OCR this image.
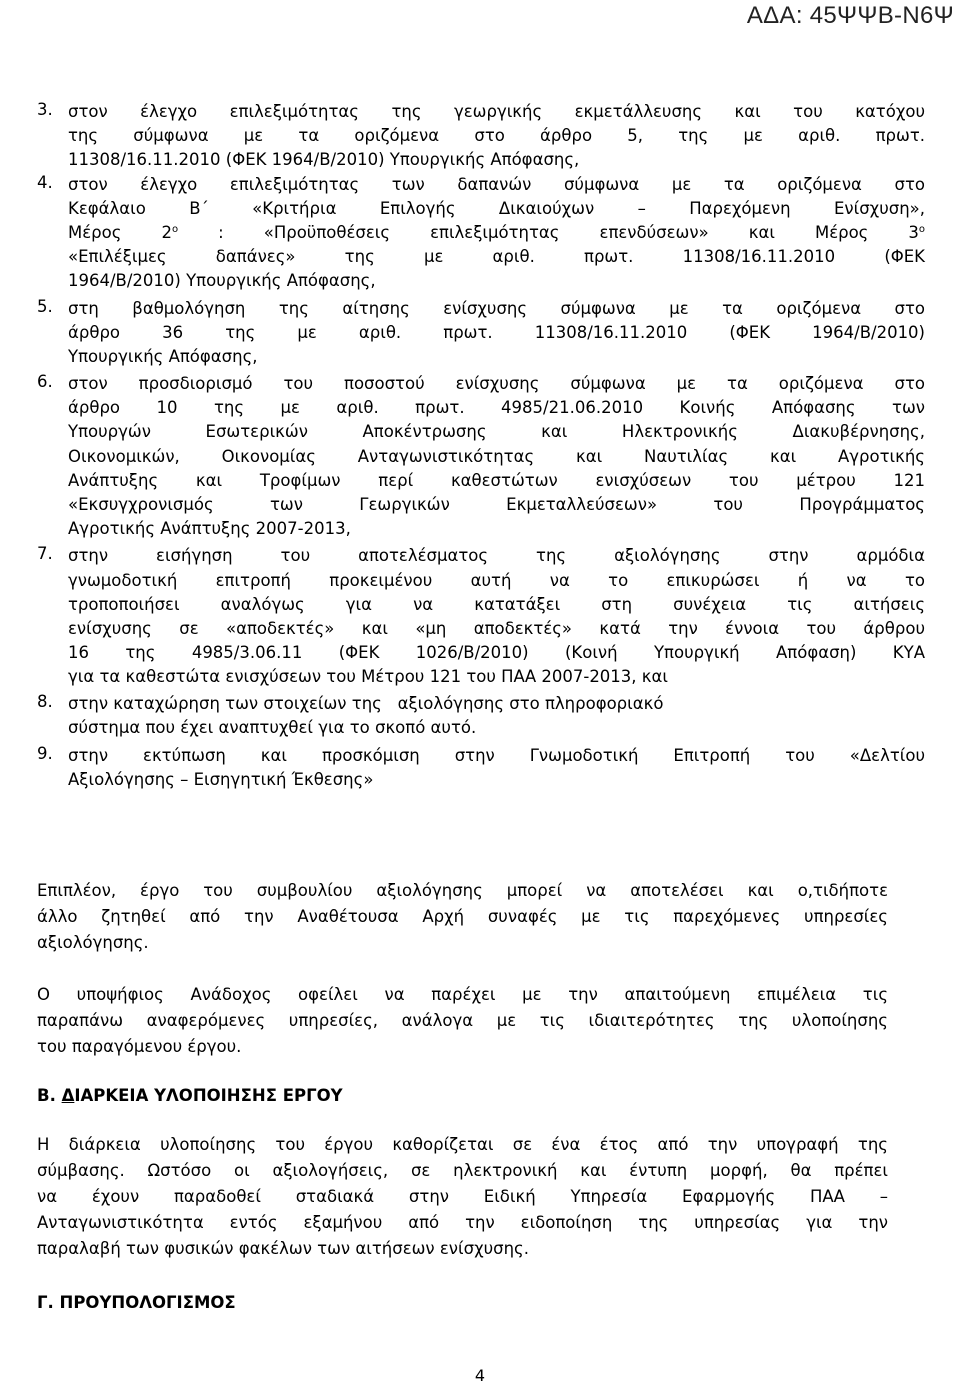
ΑΔΑ: 45ΨΨΒ-Ν6Ψ
3. στον έλεγχο επιλεξιμότητας της γεωργικής εκμετάλλευσης και του κατόχου
της σύμφωνα με τα οριζόμενα στο άρθρο 5, της με αριθ. πρωτ.
11308/16.11.2010 (ΦΕΚ 1964/Β/2010) Υπουργικής Απόφασης,
4. στον έλεγχο επιλεξιμότητας των δαπανών σύμφωνα με τα οριζόμενα στο
Κεφάλαιο Β΄ «Κριτήρια Επιλογής Δικαιούχων – Παρεχόμενη Ενίσχυση»,
Μέρος $2^o$ : «Προϋποθέσεις επιλεξιμότητας επενδύσεων» και Μέρος $3^o$
«Επιλέξιμες δαπάνες» της με αριθ. πρωτ. 11308/16.11.2010 (ΦΕΚ
1964/Β/2010) Υπουργικής Απόφασης,
5. στη βαθμολόγηση της αίτησης ενίσχυσης σύμφωνα με τα οριζόμενα στο
άρθρο 36 της με αριθ. πρωτ. 11308/16.11.2010 (ΦΕΚ 1964/Β/2010)
Υπουργικής Απόφασης,
6. στον προσδιορισμό του ποσοστού ενίσχυσης σύμφωνα με τα οριζόμενα στο
άρθρο 10 της με αριθ. πρωτ. 4985/21.06.2010 Κοινής Απόφασης των
Υπουργών Εσωτερικών Αποκέντρωσης και Ηλεκτρονικής Διακυβέρνησης,
Οικονομικών, Οικονομίας Ανταγωνιστικότητας και Ναυτιλίας και Αγροτικής
Ανάπτυξης και Τροφίμων περί καθεστώτων ενισχύσεων του μέτρου 121
«Εκσυγχρονισμός των Γεωργικών Εκμεταλλεύσεων» του Προγράμματος
Αγροτικής Ανάπτυξης 2007-2013,
7. στην εισήγηση του αποτελέσματος της αξιολόγησης στην αρμόδια
γνωμοδοτική επιτροπή προκειμένου αυτή να το επικυρώσει ή να το
τροποποιήσει αναλόγως για να κατατάξει στη συνέχεια τις αιτήσεις
ενίσχυσης σε «αποδεκτές» και «μη αποδεκτές» κατά την έννοια του άρθρου
16 της 4985/3.06.11 (ΦΕΚ 1026/Β/2010) (Κοινή Υπουργική Απόφαση) ΚΥΑ
για τα καθεστώτα ενισχύσεων του Μέτρου 121 του ΠΑΑ 2007-2013, και
8. στην καταχώρηση των στοιχείων της   αξιολόγησης στο πληροφοριακό
σύστημα που έχει αναπτυχθεί για το σκοπό αυτό.
9. στην εκτύπωση και προσκόμιση στην Γνωμοδοτική Επιτροπή του «Δελτίου
Αξιολόγησης – Εισηγητική Έκθεσης»
Επιπλέον, έργο του συμβουλίου αξιολόγησης μπορεί να αποτελέσει και ο,τιδήποτε
άλλο ζητηθεί από την Αναθέτουσα Αρχή συναφές με τις παρεχόμενες υπηρεσίες
αξιολόγησης.
Ο υποψήφιος Ανάδοχος οφείλει να παρέχει με την απαιτούμενη επιμέλεια τις
παραπάνω αναφερόμενες υπηρεσίες, ανάλογα με τις ιδιαιτερότητες της υλοποίησης
του παραγόμενου έργου.
Β. ΔΙΑΡΚΕΙΑ ΥΛΟΠΟΙΗΣΗΣ ΕΡΓΟΥ
Η διάρκεια υλοποίησης του έργου καθορίζεται σε ένα έτος από την υπογραφή της
σύμβασης. Ωστόσο οι αξιολογήσεις, σε ηλεκτρονική και έντυπη μορφή, θα πρέπει
να έχουν παραδοθεί σταδιακά στην Ειδική Υπηρεσία Εφαρμογής ΠΑΑ –
Ανταγωνιστικότητα εντός εξαμήνου από την ειδοποίηση της υπηρεσίας για την
παραλαβή των φυσικών φακέλων των αιτήσεων ενίσχυσης.
Γ. ΠΡΟΥΠΟΛΟΓΙΣΜΟΣ
4
